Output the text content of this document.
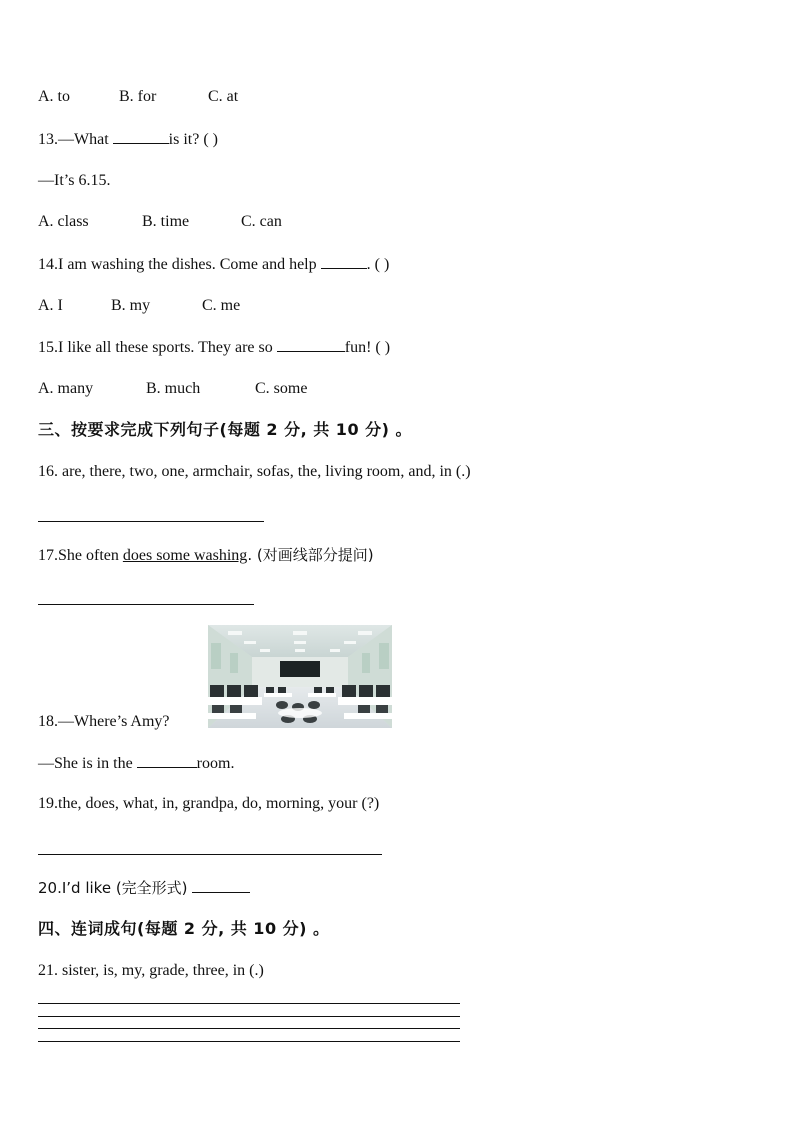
A. to	B. for	C. at
13.—What	is it? ( )
—It’s 6.15.
A. class	B. time	C. can
14.I am washing the dishes. Come and help	. ( )
A. I	B. my	C. me
15.I like all these sports. They are so	fun! ( )
A. many	B. much	C. some
三、按要求完成下列句子(每题 2 分, 共 10 分) 。
16. are, there, two, one, armchair, sofas, the, living room, and, in (.)
17.She often does some washing. (对画线部分提问)
18.—Where’s Amy?
—She is in the	room.
19.the, does, what, in, grandpa, do, morning, your (?)
20.I’d like (完全形式)
四、连词成句(每题 2 分, 共 10 分) 。
21. sister, is, my, grade, three, in (.)
